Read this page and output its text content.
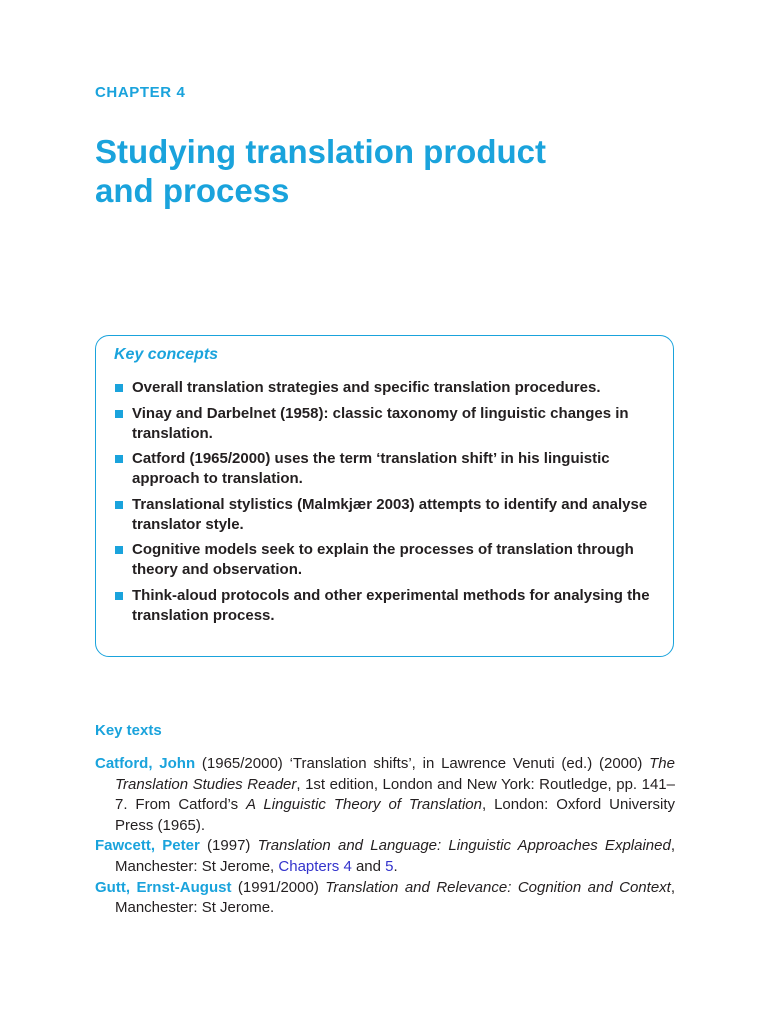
CHAPTER 4
Studying translation product
and process
Key concepts
Overall translation strategies and specific translation procedures.
Vinay and Darbelnet (1958): classic taxonomy of linguistic changes in translation.
Catford (1965/2000) uses the term ‘translation shift’ in his linguistic approach to translation.
Translational stylistics (Malmkjær 2003) attempts to identify and analyse translator style.
Cognitive models seek to explain the processes of translation through theory and observation.
Think-aloud protocols and other experimental methods for analysing the translation process.
Key texts
Catford, John (1965/2000) ‘Translation shifts’, in Lawrence Venuti (ed.) (2000) The Translation Studies Reader, 1st edition, London and New York: Routledge, pp. 141–7. From Catford’s A Linguistic Theory of Translation, London: Oxford University Press (1965).
Fawcett, Peter (1997) Translation and Language: Linguistic Approaches Explained, Manchester: St Jerome, Chapters 4 and 5.
Gutt, Ernst-August (1991/2000) Translation and Relevance: Cognition and Context, Manchester: St Jerome.
